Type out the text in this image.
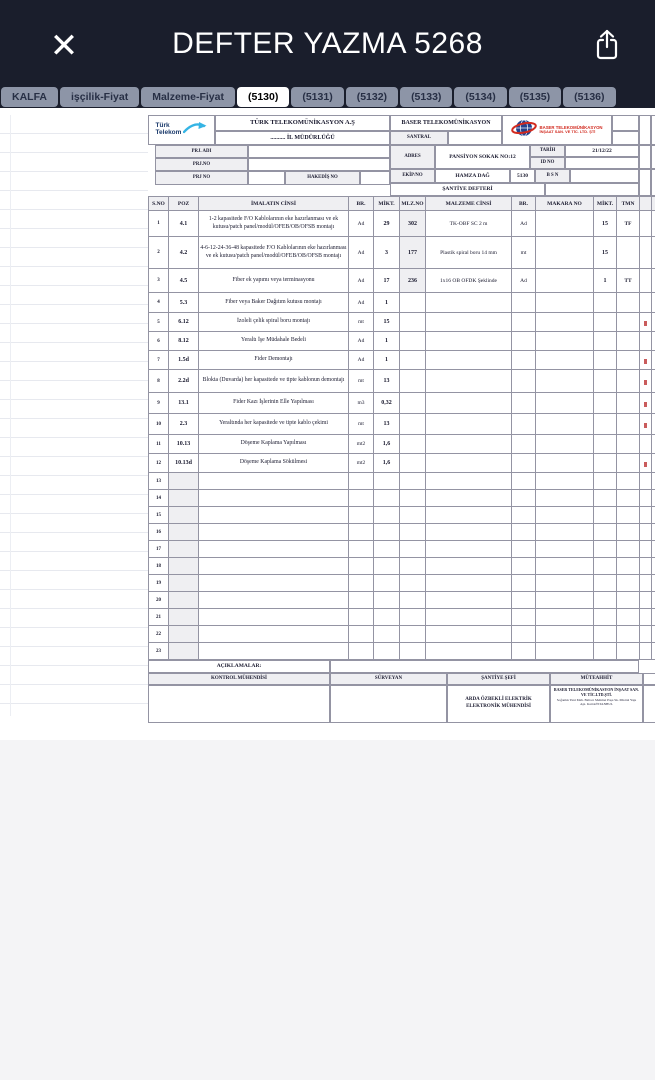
✕	DEFTER YAZMA 5268
KALFA	işçilik-Fiyat	Malzeme-Fiyat	(5130)	(5131)	(5132)	(5133)	(5134)	(5135)	(5136)
Türk
Telekom
TÜRK TELEKOMÜNİKASYON A.Ş
.......... İL MÜDÜRLÜĞÜ
BASER TELEKOMÜNİKASYON
SANTRAL
BASER TELEKOMÜNİKASYON
İNŞAAT SAN. VE TİC. LTD. ŞTİ
PRJ. ADI
PRJ.NO
PRJ NO	HAKEDİŞ NO
ADRES	PANSİYON SOKAK NO:12
TARİH	21/12/22
ID NO
EKİP/NO	HAMZA DAĞ	5130	B S N
ŞANTİYE DEFTERİ
S.NO	POZ	İMALATIN CİNSİ	BR.	MİKT.	MLZ.NO	MALZEME CİNSİ	BR.	MAKARA NO	MİKT.	TMN		
1	4.1	1-2 kapasitede F/O Kablolarının eke hazırlanması ve ek kutusu/patch panel/modül/OFEB/OB/OFSB montajı	Ad	29	302	TK-OBF SC 2 m	Ad		15	TF		
2	4.2	4-6-12-24-36-48 kapasitede F/O Kablolarının eke hazırlanması ve ek kutusu/patch panel/modül/OFEB/OB/OFSB montajı	Ad	3	177	Plastik spiral boru 14 mm	mt		15			
3	4.5	Fiber ek yapımı veya terminasyonu	Ad	17	236	1x16 OB OFDK Şeklinde	Ad		1	TT		
4	5.3	Fiber veya Baker Dağıtım kutusu montajı	Ad	1								
5	6.12	İzoleli çelik spiral boru montajı	mt	15								
6	8.12	Yeraltı İşe Müdahale Bedeli	Ad	1								
7	1.5d	Fider Demontajı	Ad	1								
8	2.2d	Blokta (Duvarda) her kapasitede ve tipte kablonun demontajı	mt	13								
9	13.1	Fider Kazı İşlerinin Elle Yapılması	m3	0,32								
10	2.3	Yeraltında her kapasitede ve tipte kablo çekimi	mt	13								
11	10.13	Döşeme Kaplama Yapılması	mt2	1,6								
12	10.13d	Döşeme Kaplama Sökülmesi	mt2	1,6								
13												
14												
15												
16												
17												
18												
19												
20												
21												
22												
23												
AÇIKLAMALAR:
KONTROL MÜHENDİSİ	SÜRVEYAN	ŞANTİYE ŞEFİ	MÜTEAHHİT
ARDA ÖZBEKLİ ELEKTRİK ELEKTRONİK MÜHENDİSİ
BASER TELEKOMÜNİKASYON İNŞAAT SAN. VE TİC.LTD.ŞTİ.
Soğanlık Yeni Mah. Baltacı Mehmet Paşa Sk. Mistral Yapı Apt. Kartal/İSTANBUL
